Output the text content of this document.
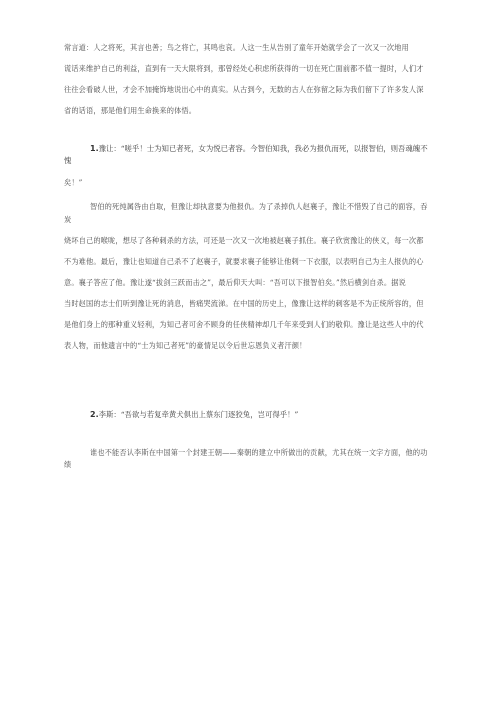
常言道：人之将死，其言也善；鸟之将亡，其鸣也哀。人这一生从告别了童年开始就学会了一次又一次地用

谎话来维护自己的利益，直到有一天大限将到，那曾经处心积虑所获得的一切在死亡面前都不值一提时，人们才

往往会看破人世，才会不加掩饰地说出心中的真实。从古到今，无数的古人在弥留之际为我们留下了许多发人深

省的话语，那是他们用生命换来的体悟。

1.豫让：“嗟乎！士为知已者死，女为悦已者容。今智伯知我，我必为报仇而死，以报智伯，则吾魂魄不愧

矣！”

智伯的死纯属咎由自取，但豫让却执意要为他报仇。为了杀掉仇人赵襄子，豫让不惜毁了自己的面容，吞炭

烧坏自己的喉咙，想尽了各种刺杀的方法，可还是一次又一次地被赵襄子抓住。襄子欣赏豫让的侠义，每一次都

不为难他。最后，豫让也知道自己杀不了赵襄子，就要求襄子能够让他剌一下衣服，以表明自己为主人报仇的心

意。襄子答应了他。豫让遂“拔剑三跃而击之”，最后仰天大叫：“吾可以下报智伯矣。”然后横剑自杀。据说

当时赵国的志士们听到豫让死的消息，皆痛哭流涕。在中国的历史上，像豫让这样的刺客是不为正统所容的，但

是他们身上的那种重义轻利，为知己者可舍不顾身的任侠精神却几千年来受到人们的敬仰。豫让是这些人中的代

表人物，而他遗言中的“士为知己者死”的豪情足以令后世忘恩负义者汗颜！

2.李斯：“吾欲与若复牵黄犬俱出上蔡东门逐狡兔，岂可得乎！”

谁也不能否认李斯在中国第一个封建王朝——秦朝的建立中所做出的贡献，尤其在统一文字方面，他的功绩
